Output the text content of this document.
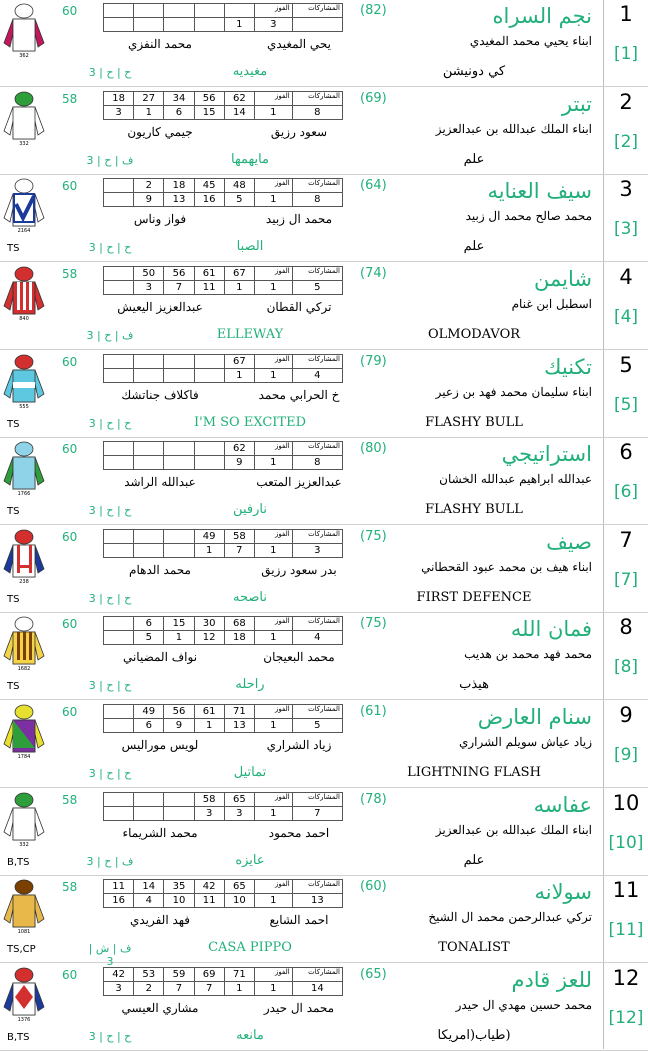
362
60
						الفوز	المشاركات
				1	3	
(82)	نجم السراه
ابناء يحيي محمد المغيدي
يحي المغيدي
محمد النفزي
كي دونيشن
مغيديه
ح | ح | 3
1
[1]
332
58	18	27	34	56	62	الفوز	المشاركات
3	1	6	15	14	1	8
(69)	تبتر
ابناء الملك عبدالله بن عبدالعزيز
سعود رزيق
جيمي كاريون
علم
مايهمها
ف | ح | 3
2
[2]
2164
60
		2	18	45	48	الفوز	المشاركات
	9	13	16	5	1	8
(64)	سيف العنايه
محمد صالح محمد ال زبيد
محمد ال زبيد
فواز وناس
علم
الصبا
ح | ح | 3
TS
3
[3]
840
58
		50	56	61	67	الفوز	المشاركات
	3	7	11	1	1	5
(74)	شايمن
اسطبل ابن غنام
تركي القطان
عبدالعزيز اليعيش
OLMODAVOR
ELLEWAY
ف | ح | 3
4
[4]
555
60
					67	الفوز	المشاركات
				1	1	4
(79)	تكنيك
ابناء سليمان محمد فهد بن زعير
خ الحرابي محمد
فاكلاف جناتشك
FLASHY BULL
I'M SO EXCITED
ح | ح | 3
TS
5
[5]
1766
60
					62	الفوز	المشاركات
				9	1	8
(80)	استراتيجي
عبدالله ابراهيم عبدالله الخشان
عبدالعزيز المتعب
عبدالله الراشد
FLASHY BULL
نارفين
ح | ح | 3
TS
6
[6]
238
60
				49	58	الفوز	المشاركات
			1	7	1	3
(75)	صيف
ابناء هيف بن محمد عبود القحطاني
بدر سعود رزيق
محمد الدهام
FIRST DEFENCE
ناصحه
ح | ح | 3
TS
7
[7]
1682
60
		6	15	30	68	الفوز	المشاركات
	5	1	12	18	1	4
(75)	فمان الله
محمد فهد محمد بن هديب
محمد البعيجان
نواف المضياني
هيذب
راحله
ح | ح | 3
TS
8
[8]
1784
60
		49	56	61	71	الفوز	المشاركات
	6	9	1	13	1	5
(61)	سنام العارض
زياد عياش سويلم الشراري
زياد الشراري
لويس موراليس
LIGHTNING FLASH
تماتيل
ح | ح | 3
9
[9]
332
58
				58	65	الفوز	المشاركات
			3	3	1	7
(78)	عفاسه
ابناء الملك عبدالله بن عبدالعزيز
احمد محمود
محمد الشريماء
علم
عايزه
ف | ح | 3
B,TS
10
[10]
1081
58	11	14	35	42	65	الفوز	المشاركات
16	4	10	11	10	1	13
(60)	سولانه
تركي عبدالرحمن محمد ال الشيخ
احمد الشايع
فهد الفريدي
TONALIST
CASA PIPPO
ف | ش | 3
TS,CP
11
[11]
1376
60	42	53	59	69	71	الفوز	المشاركات
3	2	7	7	1	1	14
(65)	للعز قادم
محمد حسين مهدي ال حيدر
محمد ال حيدر
مشاري العيسي
(طياب(امريكا
مانعه
ح | ح | 3
B,TS
12
[12]
